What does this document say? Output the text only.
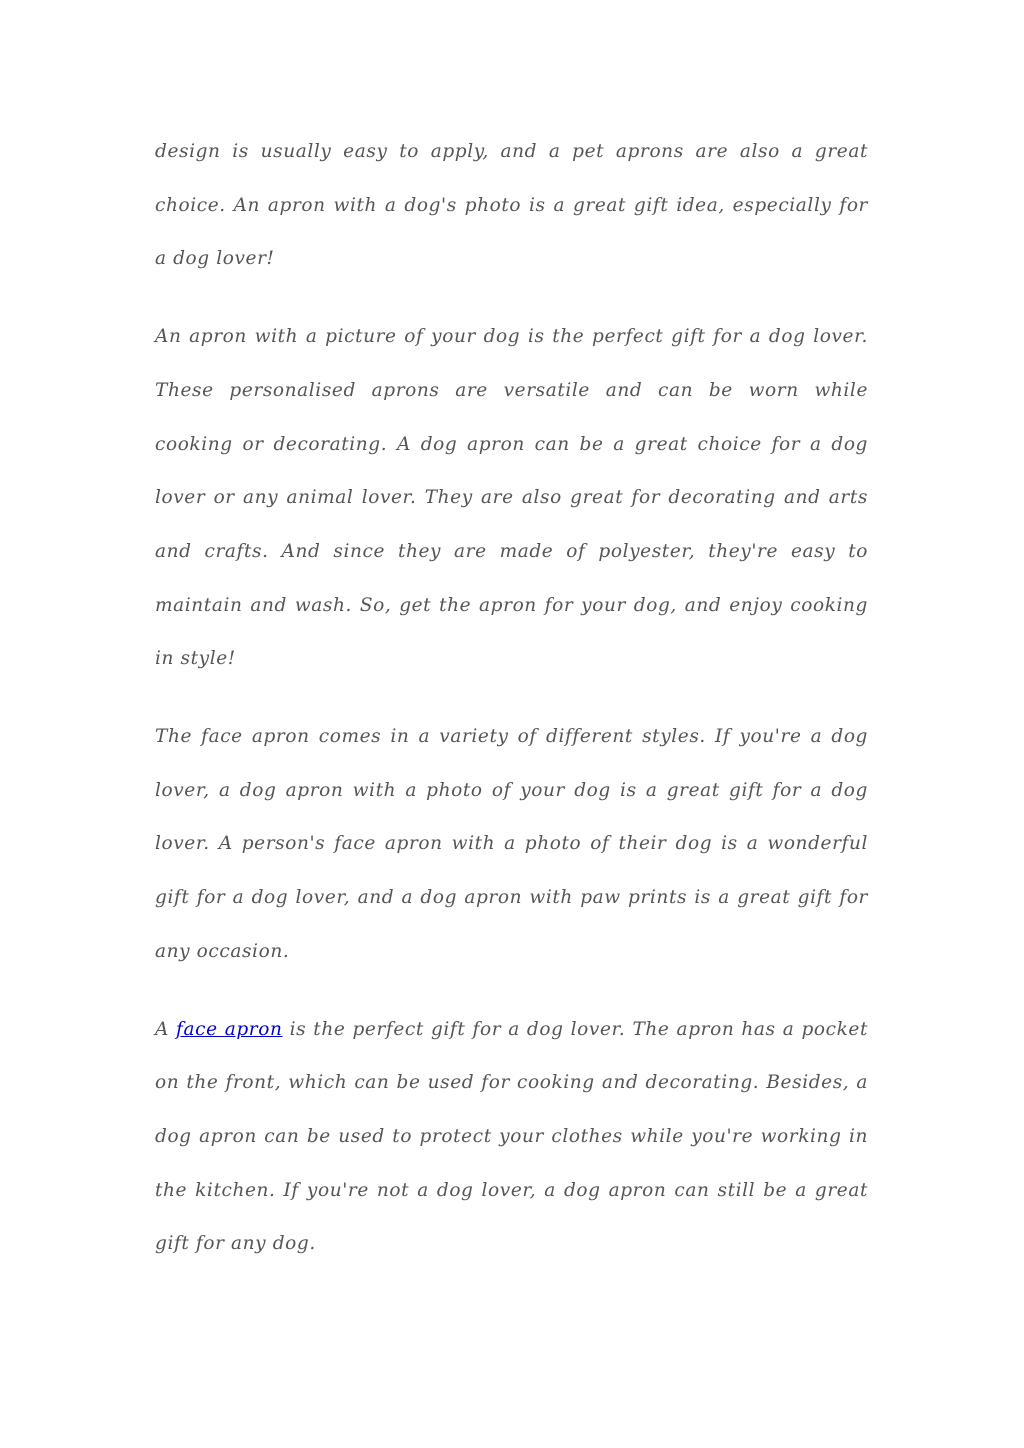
design is usually easy to apply, and a pet aprons are also a great choice. An apron with a dog's photo is a great gift idea, especially for a dog lover!

An apron with a picture of your dog is the perfect gift for a dog lover. These personalised aprons are versatile and can be worn while cooking or decorating. A dog apron can be a great choice for a dog lover or any animal lover. They are also great for decorating and arts and crafts. And since they are made of polyester, they're easy to maintain and wash. So, get the apron for your dog, and enjoy cooking in style!

The face apron comes in a variety of different styles. If you're a dog lover, a dog apron with a photo of your dog is a great gift for a dog lover. A person's face apron with a photo of their dog is a wonderful gift for a dog lover, and a dog apron with paw prints is a great gift for any occasion.

A face apron is the perfect gift for a dog lover. The apron has a pocket on the front, which can be used for cooking and decorating. Besides, a dog apron can be used to protect your clothes while you're working in the kitchen. If you're not a dog lover, a dog apron can still be a great gift for any dog.
